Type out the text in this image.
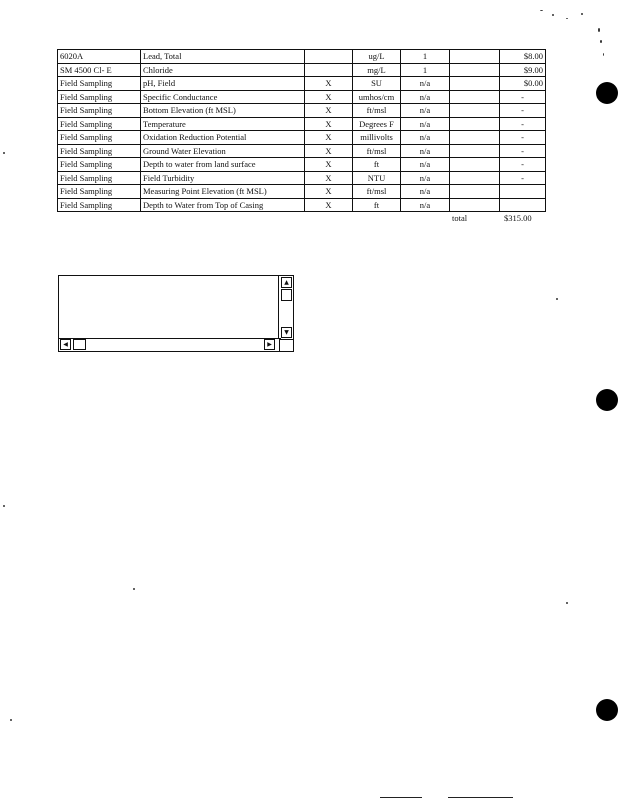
6020A	Lead, Total		ug/L	1		$8.00
SM 4500 Cl- E	Chloride		mg/L	1		$9.00
Field Sampling	pH, Field	X	SU	n/a		$0.00
Field Sampling	Specific Conductance	X	umhos/cm	n/a		-
Field Sampling	Bottom Elevation (ft MSL)	X	ft/msl	n/a		-
Field Sampling	Temperature	X	Degrees F	n/a		-
Field Sampling	Oxidation Reduction Potential	X	millivolts	n/a		-
Field Sampling	Ground Water Elevation	X	ft/msl	n/a		-
Field Sampling	Depth to water from land surface	X	ft	n/a		-
Field Sampling	Field Turbidity	X	NTU	n/a		-
Field Sampling	Measuring Point Elevation (ft MSL)	X	ft/msl	n/a		
Field Sampling	Depth to Water from Top of Casing	X	ft	n/a		
total	$315.00
▲
▼
◀	▶
